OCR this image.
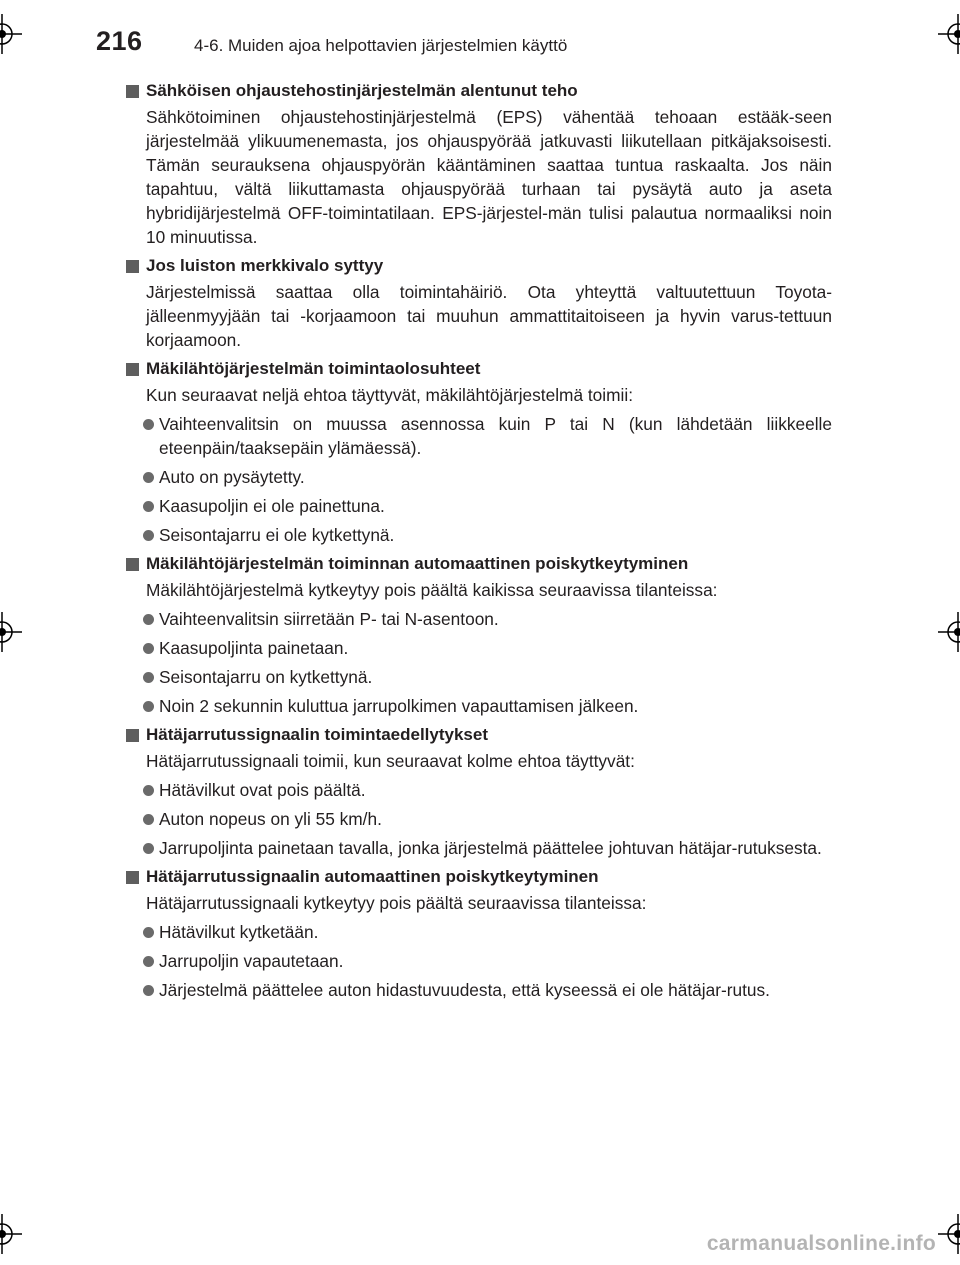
216	4-6. Muiden ajoa helpottavien järjestelmien käyttö
Sähköisen ohjaustehostinjärjestelmän alentunut teho
Sähkötoiminen ohjaustehostinjärjestelmä (EPS) vähentää tehoaan estääk-seen järjestelmää ylikuumenemasta, jos ohjauspyörää jatkuvasti liikutellaan pitkäjaksoisesti. Tämän seurauksena ohjauspyörän kääntäminen saattaa tuntua raskaalta. Jos näin tapahtuu, vältä liikuttamasta ohjauspyörää turhaan tai pysäytä auto ja aseta hybridijärjestelmä OFF-toimintatilaan. EPS-järjestel-män tulisi palautua normaaliksi noin 10 minuutissa.
Jos luiston merkkivalo syttyy
Järjestelmissä saattaa olla toimintahäiriö. Ota yhteyttä valtuutettuun Toyota-jälleenmyyjään tai -korjaamoon tai muuhun ammattitaitoiseen ja hyvin varus-tettuun korjaamoon.
Mäkilähtöjärjestelmän toimintaolosuhteet
Kun seuraavat neljä ehtoa täyttyvät, mäkilähtöjärjestelmä toimii:
Vaihteenvalitsin on muussa asennossa kuin P tai N (kun lähdetään liikkeelle eteenpäin/taaksepäin ylämäessä).
Auto on pysäytetty.
Kaasupoljin ei ole painettuna.
Seisontajarru ei ole kytkettynä.
Mäkilähtöjärjestelmän toiminnan automaattinen poiskytkeytyminen
Mäkilähtöjärjestelmä kytkeytyy pois päältä kaikissa seuraavissa tilanteissa:
Vaihteenvalitsin siirretään P- tai N-asentoon.
Kaasupoljinta painetaan.
Seisontajarru on kytkettynä.
Noin 2 sekunnin kuluttua jarrupolkimen vapauttamisen jälkeen.
Hätäjarrutussignaalin toimintaedellytykset
Hätäjarrutussignaali toimii, kun seuraavat kolme ehtoa täyttyvät:
Hätävilkut ovat pois päältä.
Auton nopeus on yli 55 km/h.
Jarrupoljinta painetaan tavalla, jonka järjestelmä päättelee johtuvan hätäjar-rutuksesta.
Hätäjarrutussignaalin automaattinen poiskytkeytyminen
Hätäjarrutussignaali kytkeytyy pois päältä seuraavissa tilanteissa:
Hätävilkut kytketään.
Jarrupoljin vapautetaan.
Järjestelmä päättelee auton hidastuvuudesta, että kyseessä ei ole hätäjar-rutus.
carmanualsonline.info
